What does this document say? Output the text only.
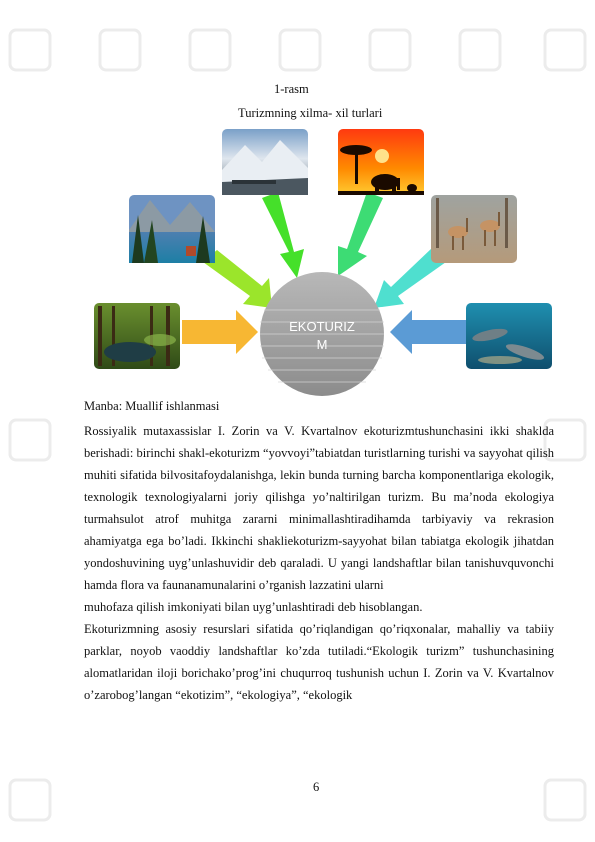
1-rasm
Turizmning xilma- xil turlari
EKOTURIZ
M
Manba: Muallif ishlanmasi

Rossiyalik mutaxassislar I. Zorin va V. Kvartalnov ekoturizmtushunchasini ikki shaklda berishadi: birinchi shakl-ekoturizm “yovvoyi”tabiatdan turistlarning turishi va sayyohat qilish muhiti sifatida bilvositafoydalanishga, lekin bunda turning barcha komponentlariga ekologik, texnologik texnologiyalarni joriy qilishga yo’naltirilgan turizm. Bu ma’noda ekologiya turmahsulot atrof muhitga zararni minimallashtiradihamda tarbiyaviy va rekrasion ahamiyatga ega bo’ladi. Ikkinchi shakliekoturizm-sayyohat bilan tabiatga ekologik jihatdan yondoshuvining uyg’unlashuvidir deb qaraladi. U yangi landshaftlar bilan tanishuvquvonchi hamda flora va faunanamunalarini o’rganish lazzatini ularni

muhofaza qilish imkoniyati bilan uyg’unlashtiradi deb hisoblangan.

Ekoturizmning asosiy resurslari sifatida qo’riqlandigan qo’riqxonalar, mahalliy va tabiiy parklar, noyob vaoddiy landshaftlar ko’zda tutiladi.“Ekologik turizm” tushunchasining alomatlaridan iloji borichako’prog’ini chuqurroq tushunish uchun I. Zorin va V. Kvartalnov o’zarobog’langan “ekotizim”, “ekologiya”, “ekologik

6
